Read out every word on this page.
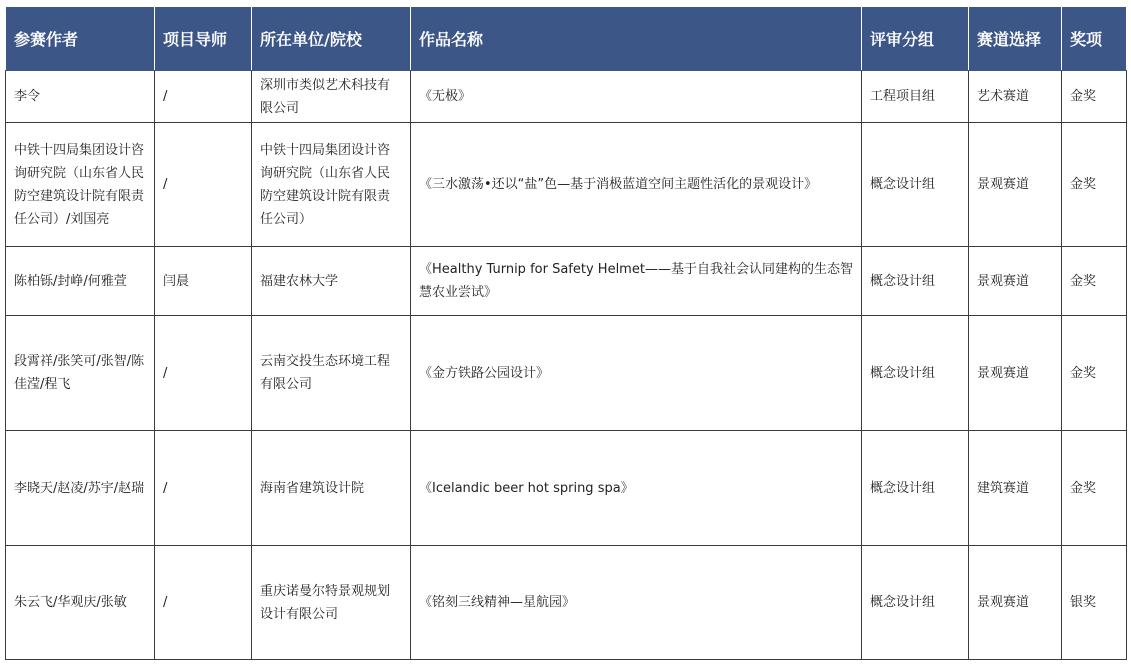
参赛作者	项目导师	所在单位/院校	作品名称	评审分组	赛道选择	奖项
李令	/	深圳市类似艺术科技有限公司	《无极》	工程项目组	艺术赛道	金奖
中铁十四局集团设计咨询研究院（山东省人民防空建筑设计院有限责任公司）/刘国亮	/	中铁十四局集团设计咨询研究院（山东省人民防空建筑设计院有限责任公司）	《三水激荡•还以“盐”色—基于消极蓝道空间主题性活化的景观设计》	概念设计组	景观赛道	金奖
陈柏铄/封峥/何雅萱	闫晨	福建农林大学	《Healthy Turnip for Safety Helmet——基于自我社会认同建构的生态智慧农业尝试》	概念设计组	景观赛道	金奖
段霄祥/张笑可/张智/陈佳滢/程飞	/	云南交投生态环境工程有限公司	《金方铁路公园设计》	概念设计组	景观赛道	金奖
李晓天/赵凌/苏宇/赵瑞	/	海南省建筑设计院	《Icelandic beer hot spring spa》	概念设计组	建筑赛道	金奖
朱云飞/华观庆/张敏	/	重庆诺曼尔特景观规划设计有限公司	《铭刻三线精神—星航园》	概念设计组	景观赛道	银奖
